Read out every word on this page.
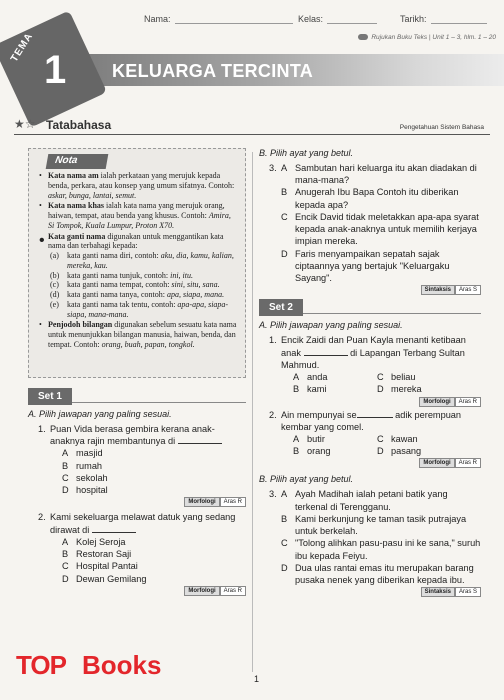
Nama:	Kelas:	Tarikh:
Rujukan Buku Teks | Unit 1 – 3, hlm. 1 – 20
TEMA
1	KELUARGA TERCINTA
★☆ Tatabahasa	Pengetahuan Sistem Bahasa
Nota

• Kata nama am ialah perkataan yang merujuk kepada benda, perkara, atau konsep yang umum sifatnya. Contoh: askar, bunga, lantai, semut.

• Kata nama khas ialah kata nama yang merujuk orang, haiwan, tempat, atau benda yang khusus. Contoh: Amira, Si Tompok, Kuala Lumpur, Proton X70.

• Kata ganti nama digunakan untuk menggantikan kata nama dan terbahagi kepada:

(a) kata ganti nama diri, contoh: aku, dia, kamu, kalian, mereka, kau.
(b) kata ganti nama tunjuk, contoh: ini, itu.
(c) kata ganti nama tempat, contoh: sini, situ, sana.
(d) kata ganti nama tanya, contoh: apa, siapa, mana.
(e) kata ganti nama tak tentu, contoh: apa-apa, siapa-siapa, mana-mana.

• Penjodoh bilangan digunakan sebelum sesuatu kata nama untuk menunjukkan bilangan manusia, haiwan, benda, dan tempat. Contoh: orang, buah, papan, tongkol.

Set 1
A. Pilih jawapan yang paling sesuai.
1. Puan Vida berasa gembira kerana anak-anaknya rajin membantunya di
A masjid
B rumah
C sekolah
D hospital
Morfologi	Aras R
2. Kami sekeluarga melawat datuk yang sedang dirawat di
A Kolej Seroja
B Restoran Saji
C Hospital Pantai
D Dewan Gemilang
Morfologi	Aras R
B. Pilih ayat yang betul.
3. A Sambutan hari keluarga itu akan diadakan di mana-mana?
B Anugerah Ibu Bapa Contoh itu diberikan kepada apa?
C Encik David tidak meletakkan apa-apa syarat kepada anak-anaknya untuk memilih kerjaya impian mereka.
D Faris menyampaikan sepatah sajak ciptaannya yang bertajuk "Keluargaku Sayang".
Sintaksis	Aras S
Set 2
A. Pilih jawapan yang paling sesuai.
1. Encik Zaidi dan Puan Kayla menanti ketibaan anak	di Lapangan Terbang Sultan Mahmud.
A anda	C beliau
B kami	D mereka
Morfologi	Aras R
2. Ain mempunyai se	adik perempuan kembar yang comel.
A butir	C kawan
B orang	D pasang
Morfologi	Aras R
B. Pilih ayat yang betul.
3. A Ayah Madihah ialah petani batik yang terkenal di Terengganu.
B Kami berkunjung ke taman tasik putrajaya untuk berkelah.
C "Tolong alihkan pasu-pasu ini ke sana," suruh ibu kepada Feiyu.
D Dua ulas rantai emas itu merupakan barang pusaka nenek yang diberikan kepada ibu.
Sintaksis	Aras S
1
TOP Books
